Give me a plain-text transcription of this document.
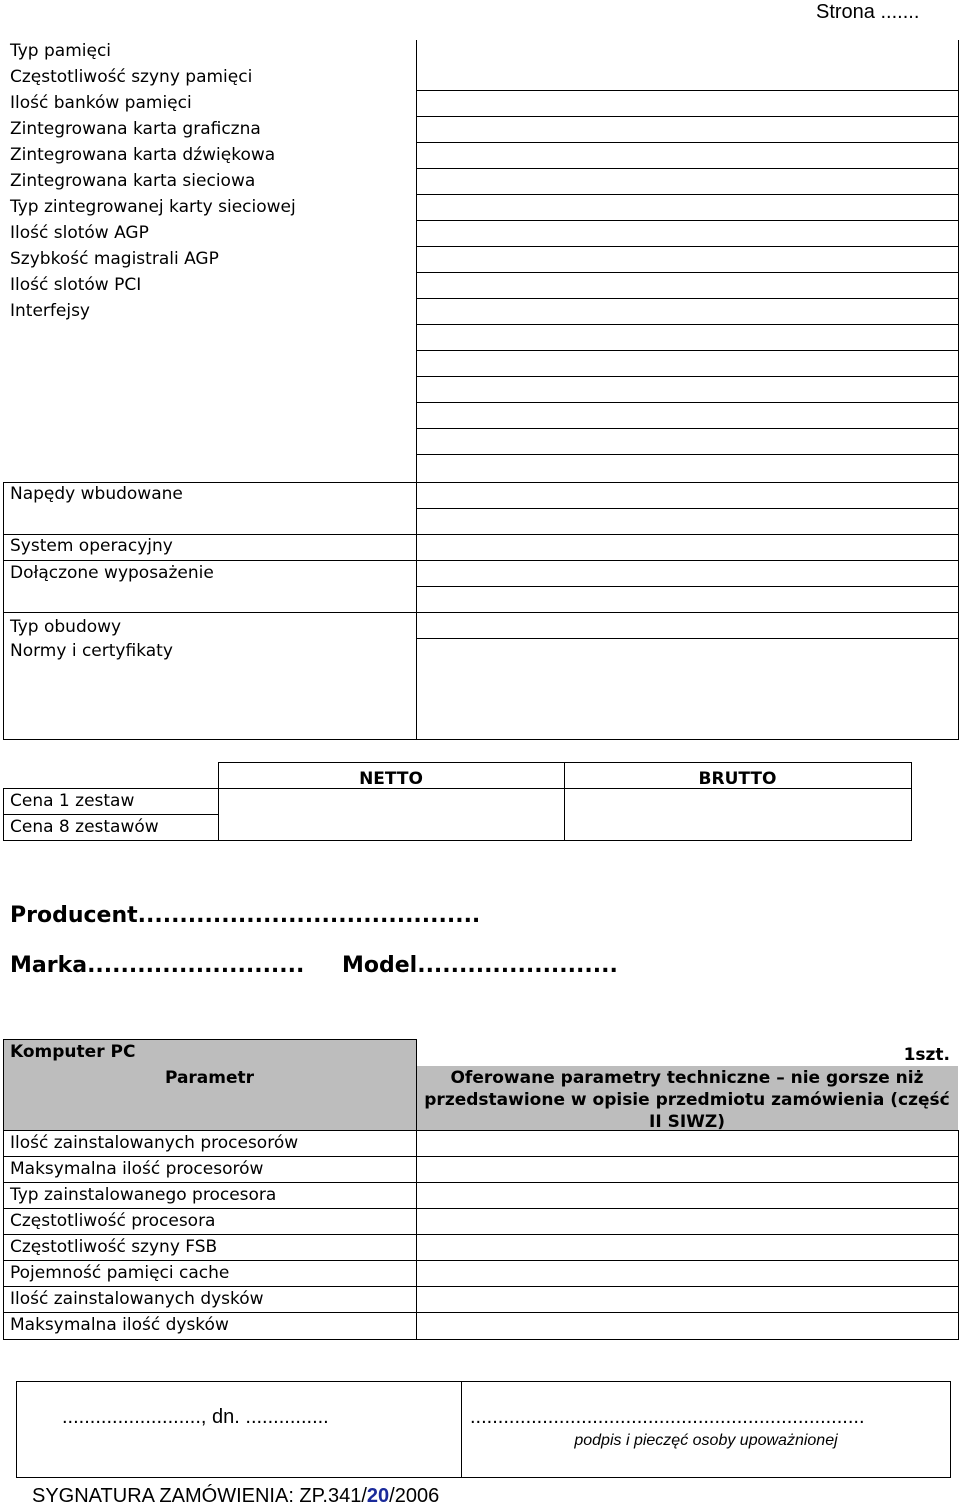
Strona .......
Typ pamięci
Częstotliwość szyny pamięci
Ilość banków pamięci
Zintegrowana karta graficzna
Zintegrowana karta dźwiękowa
Zintegrowana karta sieciowa
Typ zintegrowanej karty sieciowej
Ilość slotów AGP
Szybkość magistrali AGP
Ilość slotów PCI
Interfejsy
Napędy wbudowane
System operacyjny
Dołączone wyposażenie
Typ obudowy
Normy i certyfikaty
NETTO	BRUTTO
Cena 1 zestaw
Cena 8 zestawów
Producent.........................................
Marka.......................... Model........................
Komputer PC
Parametr
1szt.
Oferowane parametry techniczne – nie gorsze niż przedstawione w opisie przedmiotu zamówienia (część II SIWZ)
Ilość zainstalowanych procesorów
Maksymalna ilość procesorów
Typ zainstalowanego procesora
Częstotliwość procesora
Częstotliwość szyny FSB
Pojemność pamięci cache
Ilość zainstalowanych dysków
Maksymalna ilość dysków
........................., dn. ...............	.......................................................................
podpis i pieczęć osoby upoważnionej
SYGNATURA ZAMÓWIENIA: ZP.341/20/2006
